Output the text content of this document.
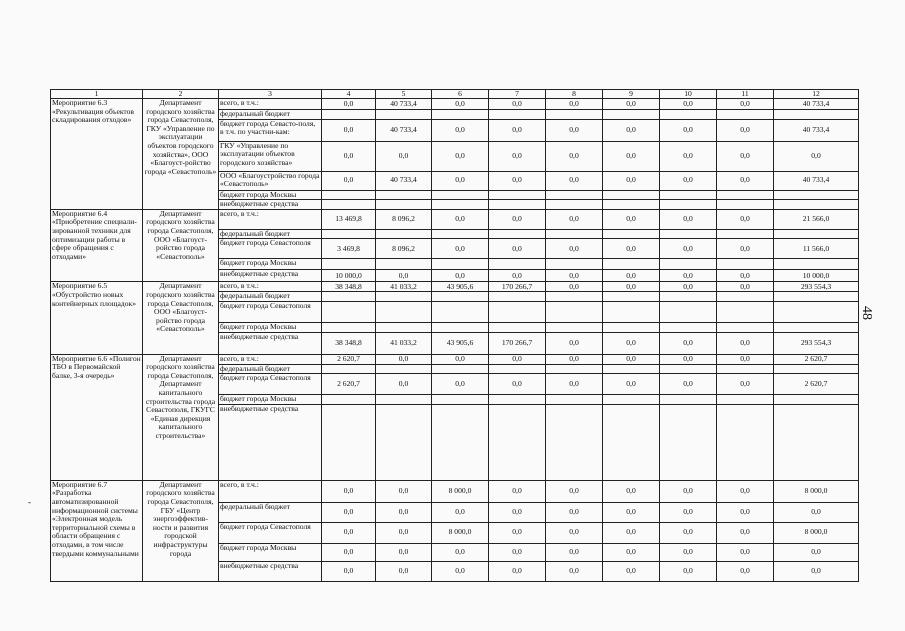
1	2	3	4	5	6	7	8	9	10	11	12
Мероприятие 6.3 «Рекультивация объектов складирования отходов»	Департамент городского хозяйства города Севастополя, ГКУ «Управление по эксплуатации объектов городского хозяйства», ООО «Благоуст-ройство города «Севастополь»	всего, в т.ч.:	0,0	40 733,4	0,0	0,0	0,0	0,0	0,0	0,0	40 733,4
		федеральный бюджет									
		бюджет города Севасто-поля, в т.ч. по участни-кам:	0,0	40 733,4	0,0	0,0	0,0	0,0	0,0	0,0	40 733,4
		ГКУ «Управление по эксплуатации объектов городского хозяйства»	0,0	0,0	0,0	0,0	0,0	0,0	0,0	0,0	0,0
		ООО «Благоустройство города «Севастополь»	0,0	40 733,4	0,0	0,0	0,0	0,0	0,0	0,0	40 733,4
		бюджет города Москвы									
		внебюджетные средства									
Мероприятие 6.4 «Приобретение специали-зированной техники для оптимизации работы в сфере обращения с отходами»	Департамент городского хозяйства города Севастополя, ООО «Благоуст-ройство города «Севастополь»	всего, в т.ч.:	13 469,8	8 096,2	0,0	0,0	0,0	0,0	0,0	0,0	21 566,0
		федеральный бюджет									
		бюджет города Севастополя	3 469,8	8 096,2	0,0	0,0	0,0	0,0	0,0	0,0	11 566,0
		бюджет города Москвы									
		внебюджетные средства	10 000,0	0,0	0,0	0,0	0,0	0,0	0,0	0,0	10 000,0
Мероприятие 6.5 «Обустройство новых контейнерных площадок»	Департамент городского хозяйства города Севастополя, ООО «Благоуст-ройство города «Севастополь»	всего, в т.ч.:	38 348,8	41 033,2	43 905,6	170 266,7	0,0	0,0	0,0	0,0	293 554,3
		федеральный бюджет									
		бюджет города Севастополя									
		бюджет города Москвы									
		внебюджетные средства	38 348,8	41 033,2	43 905,6	170 266,7	0,0	0,0	0,0	0,0	293 554,3
Мероприятие 6.6 «Полигон ТБО в Первомайской балке, 3-я очередь»	Департамент городского хозяйства города Севастополя, Департамент капитального строительства города Севастополя, ГКУГС «Единая дирекция капитального строительства»	всего, в т.ч.:	2 620,7	0,0	0,0	0,0	0,0	0,0	0,0	0,0	2 620,7
		федеральный бюджет									
		бюджет города Севастополя	2 620,7	0,0	0,0	0,0	0,0	0,0	0,0	0,0	2 620,7
		бюджет города Москвы									
		внебюджетные средства									
Мероприятие 6.7 «Разработка автоматизированной информационной системы «Электронная модель территориальной схемы в области обращения с отходами, в том числе твердыми коммунальными	Департамент городского хозяйства города Севастополя, ГБУ «Центр энергоэффектив-ности и развития городской инфраструктуры города	всего, в т.ч.:	0,0	0,0	8 000,0	0,0	0,0	0,0	0,0	0,0	8 000,0
		федеральный бюджет	0,0	0,0	0,0	0,0	0,0	0,0	0,0	0,0	0,0
		бюджет города Севастополя	0,0	0,0	8 000,0	0,0	0,0	0,0	0,0	0,0	8 000,0
		бюджет города Москвы	0,0	0,0	0,0	0,0	0,0	0,0	0,0	0,0	0,0
		внебюджетные средства	0,0	0,0	0,0	0,0	0,0	0,0	0,0	0,0	0,0
48
-
